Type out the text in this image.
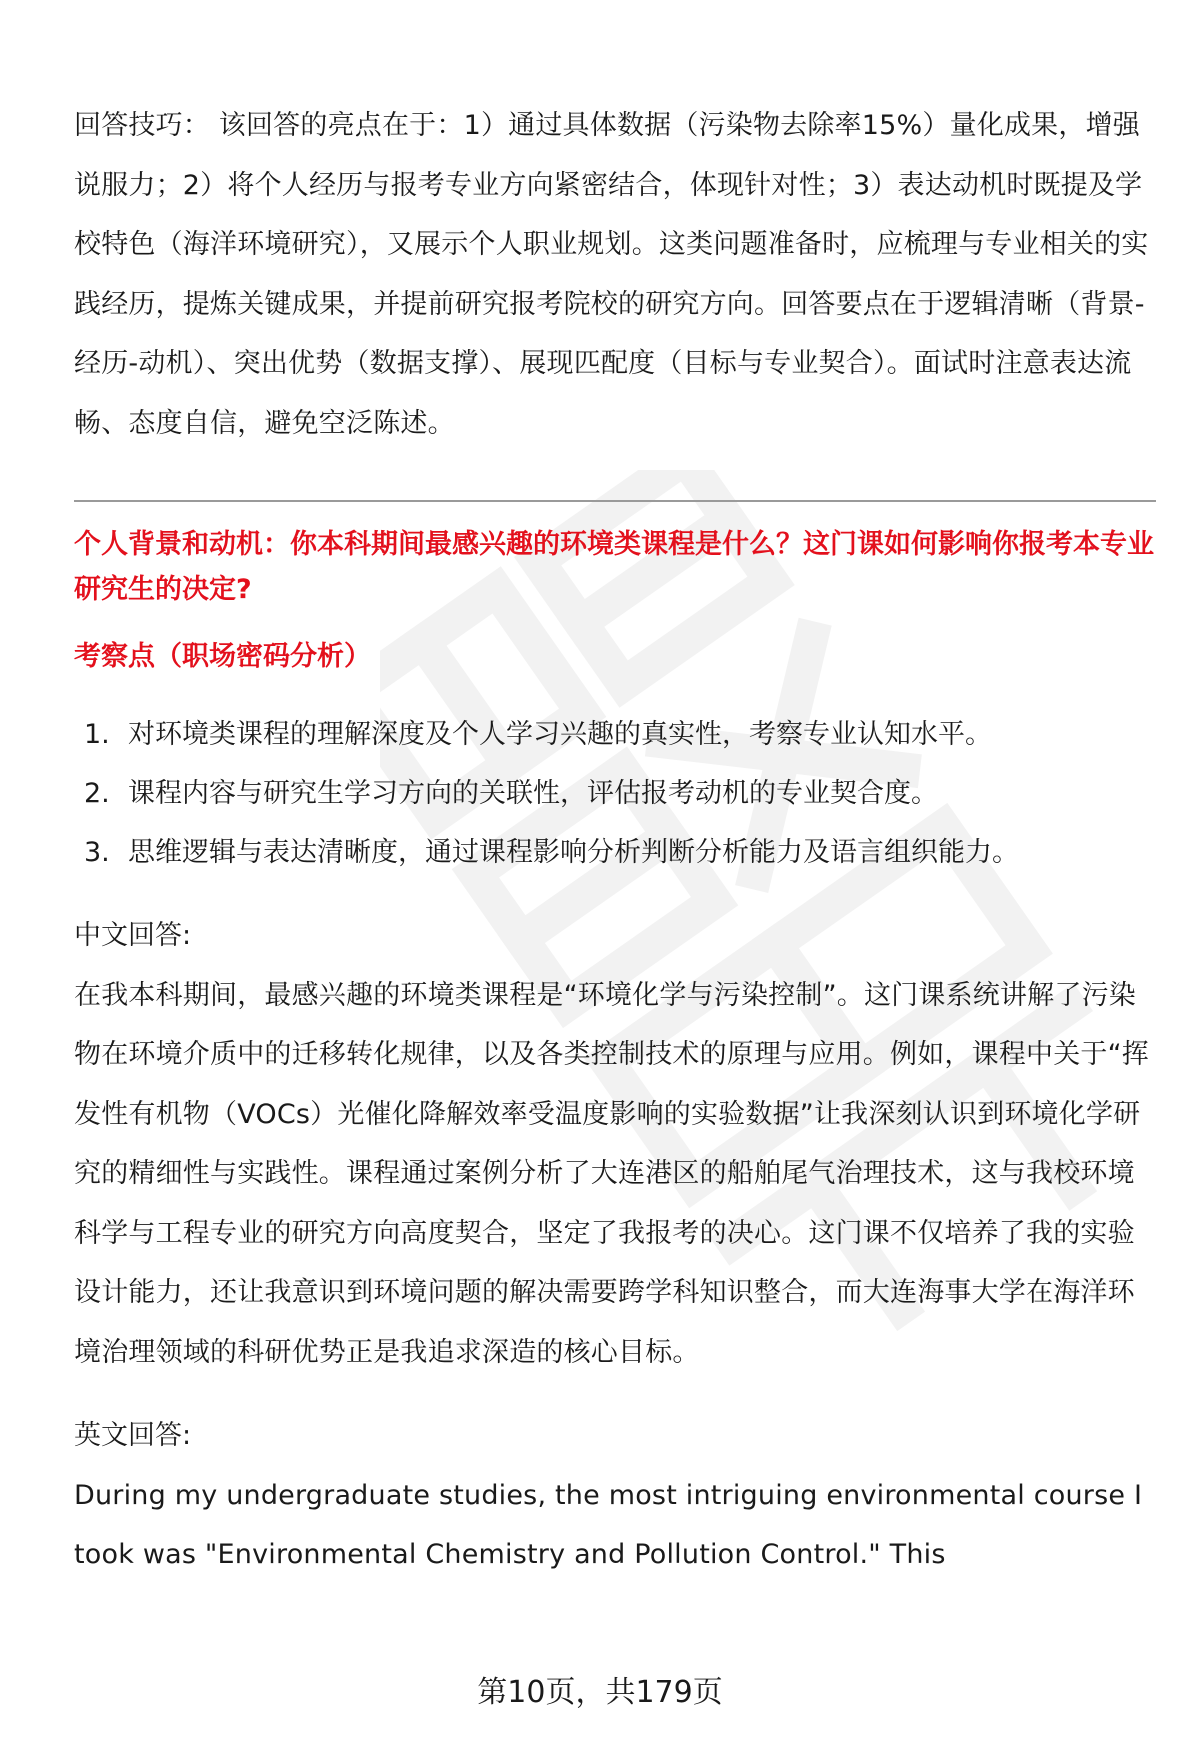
回答技巧： 该回答的亮点在于：1）通过具体数据（污染物去除率15%）量化成果，增强说服力；2）将个人经历与报考专业方向紧密结合，体现针对性；3）表达动机时既提及学校特色（海洋环境研究），又展示个人职业规划。这类问题准备时，应梳理与专业相关的实践经历，提炼关键成果，并提前研究报考院校的研究方向。回答要点在于逻辑清晰（背景-经历-动机）、突出优势（数据支撑）、展现匹配度（目标与专业契合）。面试时注意表达流畅、态度自信，避免空泛陈述。

个人背景和动机：你本科期间最感兴趣的环境类课程是什么？这门课如何影响你报考本专业研究生的决定?

考察点（职场密码分析）

1. 对环境类课程的理解深度及个人学习兴趣的真实性，考察专业认知水平。
2. 课程内容与研究生学习方向的关联性，评估报考动机的专业契合度。
3. 思维逻辑与表达清晰度，通过课程影响分析判断分析能力及语言组织能力。

中文回答:

在我本科期间，最感兴趣的环境类课程是“环境化学与污染控制”。这门课系统讲解了污染物在环境介质中的迁移转化规律，以及各类控制技术的原理与应用。例如，课程中关于“挥发性有机物（VOCs）光催化降解效率受温度影响的实验数据”让我深刻认识到环境化学研究的精细性与实践性。课程通过案例分析了大连港区的船舶尾气治理技术，这与我校环境科学与工程专业的研究方向高度契合，坚定了我报考的决心。这门课不仅培养了我的实验设计能力，还让我意识到环境问题的解决需要跨学科知识整合，而大连海事大学在海洋环境治理领域的科研优势正是我追求深造的核心目标。

英文回答:

During my undergraduate studies, the most intriguing environmental course I took was "Environmental Chemistry and Pollution Control." This

第10页，共179页
